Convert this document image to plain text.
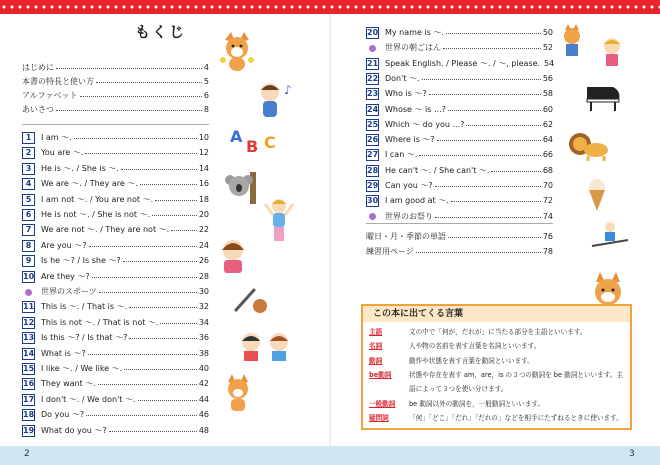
2	3
もくじ
はじめに	4
本書の特長と使い方	5
アルファベット	6
あいさつ	8
1	I am ～.	10
2	You are ～.	12
3	He is ～. / She is ～.	14
4	We are ～. / They are ～.	16
5	I am not ～. / You are not ～.	18
6	He is not ～. / She is not ～.	20
7	We are not ～. / They are not ～.	22
8	Are you ～?	24
9	Is he ～? / Is she ～?	26
10 Are they ～?	28
世界のスポーツ	30
11 This is ～. / That is ～.	32
12 This is not ～. / That is not ～.	34
13 Is this ～? / Is that ～?	36
14 What is ～?	38
15 I like ～. / We like ～.	40
16 They want ～.	42
17 I don't ～. / We don't ～.	44
18 Do you ～?	46
19 What do you ～?	48
20 My name is ～.	50
世界の朝ごはん	52
21 Speak English. / Please ～. / ～, please. 54
22 Don't ～.	56
23 Who is ～?	58
24 Whose ～ is ...?	60
25 Which ～ do you ...?	62
26 Where is ～?	64
27 I can ～.	66
28 He can't ～. / She can't ～.	68
29 Can you ～?	70
30 I am good at ～.	72
世界のお祭り	74
曜日・月・季節の単語	76
練習用ページ	78
♪
A
B C
この本に出てくる言葉
主語	文の中で「何が，だれが」に当たる部分を主語といいます。
名詞	人や物の名前を表す言葉を名詞といいます。
動詞	動作や状態を表す言葉を動詞といいます。
be動詞	状態や存在を表す am，are，is の３つの動詞を be 動詞といいます。主
語によって３つを使い分けます。
一般動詞	be 動詞以外の動詞を，一般動詞といいます。
疑問詞	「何」「どこ」「だれ」「だれの」などを相手にたずねるときに使います。
